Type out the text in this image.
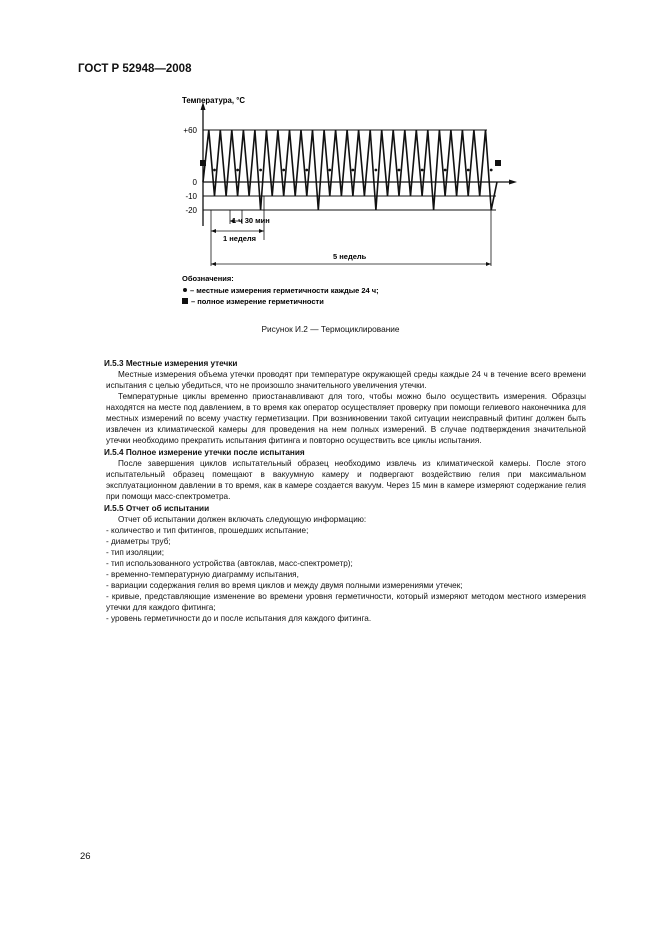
ГОСТ Р 52948—2008
Температура, °С
+60
0
-10
-20
1 ч 30 мин
1 неделя
5 недель
Обозначения:
– местные измерения герметичности каждые 24 ч;
– полное измерение герметичности
Рисунок И.2 — Термоциклирование

И.5.3 Местные измерения утечки

Местные измерения объема утечки проводят при температуре окружающей среды каждые 24 ч в течение всего времени испытания с целью убедиться, что не произошло значительного увеличения утечки.

Температурные циклы временно приостанавливают для того, чтобы можно было осуществить измерения. Образцы находятся на месте под давлением, в то время как оператор осуществляет проверку при помощи гелиевого наконечника для местных измерений по всему участку герметизации. При возникновении такой ситуации неисправный фитинг должен быть извлечен из климатической камеры для проведения на нем полных измерений. В случае подтверждения значительной утечки необходимо прекратить испытания фитинга и повторно осуществить все циклы испытания.

И.5.4 Полное измерение утечки после испытания

После завершения циклов испытательный образец необходимо извлечь из климатической камеры. После этого испытательный образец помещают в вакуумную камеру и подвергают воздействию гелия при максимальном эксплуатационном давлении в то время, как в камере создается вакуум. Через 15 мин в камере измеряют содержание гелия при помощи масс-спектрометра.

И.5.5 Отчет об испытании

Отчет об испытании должен включать следующую информацию:

- количество и тип фитингов, прошедших испытание;

- диаметры труб;

- тип изоляции;

- тип использованного устройства (автоклав, масс-спектрометр);

- временно-температурную диаграмму испытания,

- вариации содержания гелия во время циклов и между двумя полными измерениями утечек;

- кривые, представляющие изменение во времени уровня герметичности, который измеряют методом местного измерения утечки для каждого фитинга;

- уровень герметичности до и после испытания для каждого фитинга.

26
